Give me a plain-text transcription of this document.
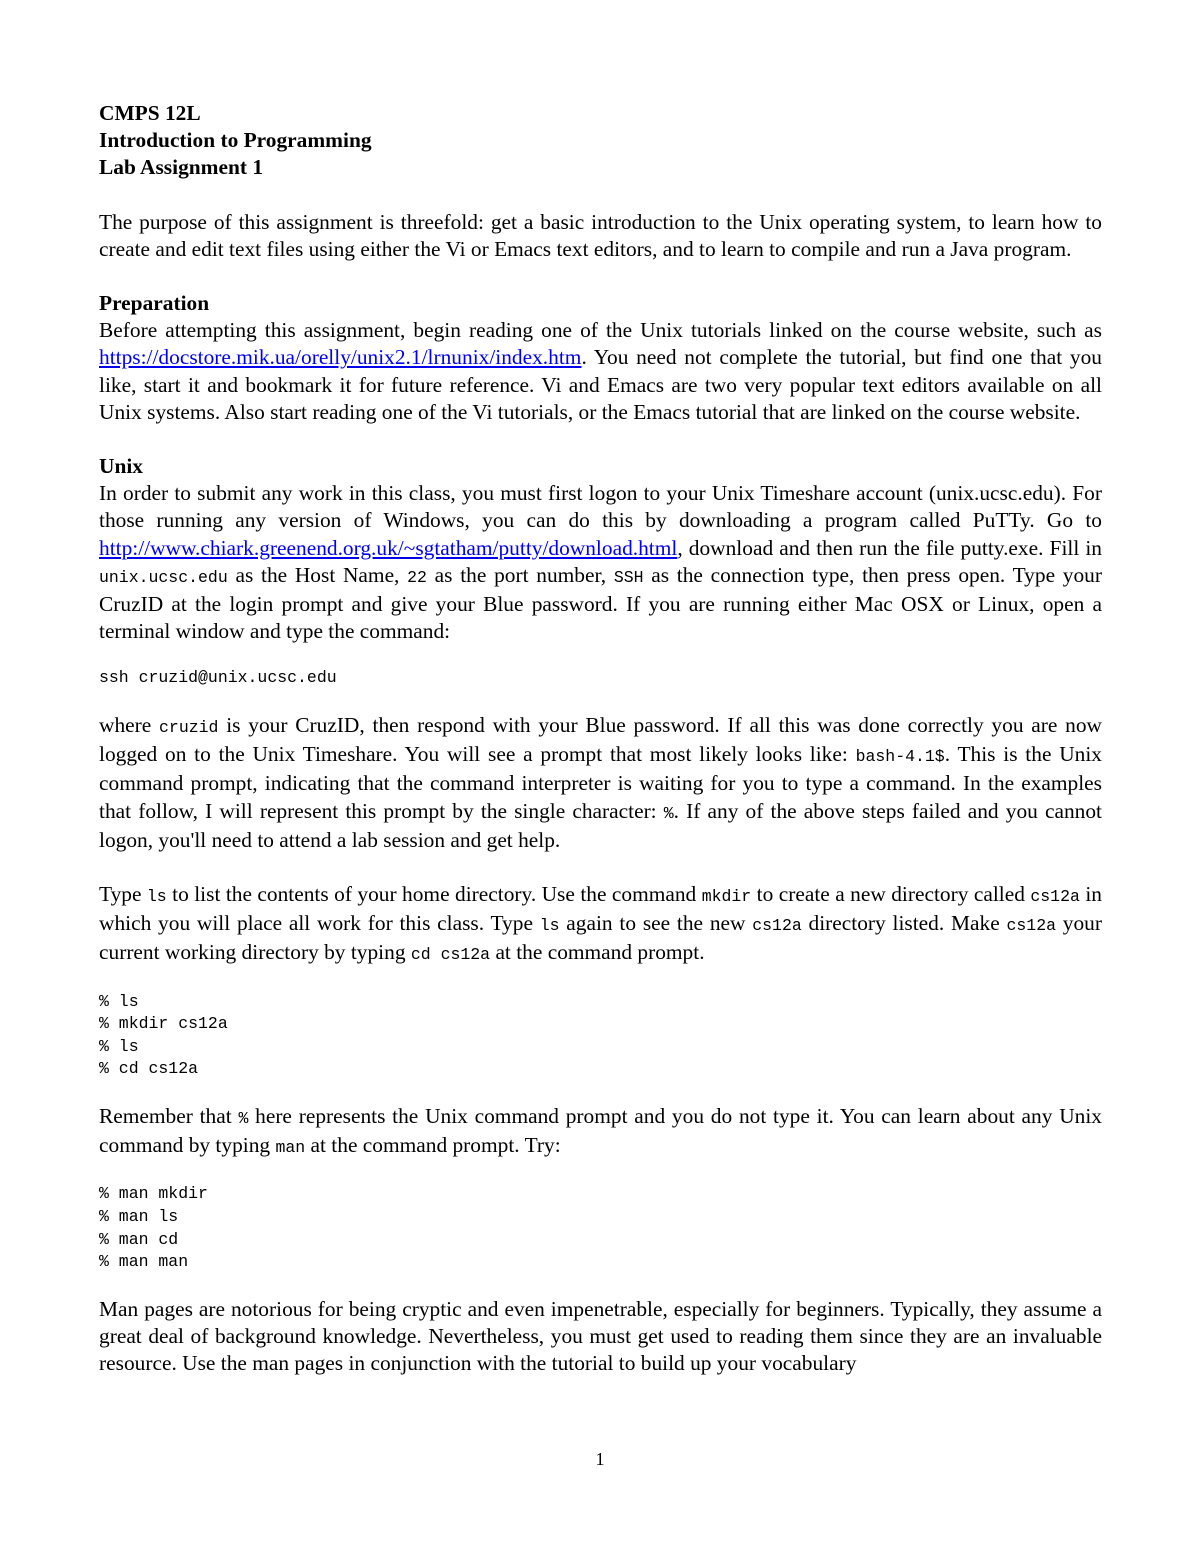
CMPS 12L
Introduction to Programming
Lab Assignment 1

The purpose of this assignment is threefold: get a basic introduction to the Unix operating system, to learn how to create and edit text files using either the Vi or Emacs text editors, and to learn to compile and run a Java program.

Preparation

Before attempting this assignment, begin reading one of the Unix tutorials linked on the course website, such as https://docstore.mik.ua/orelly/unix2.1/lrnunix/index.htm. You need not complete the tutorial, but find one that you like, start it and bookmark it for future reference. Vi and Emacs are two very popular text editors available on all Unix systems. Also start reading one of the Vi tutorials, or the Emacs tutorial that are linked on the course website.

Unix

In order to submit any work in this class, you must first logon to your Unix Timeshare account (unix.ucsc.edu). For those running any version of Windows, you can do this by downloading a program called PuTTy. Go to http://www.chiark.greenend.org.uk/~sgtatham/putty/download.html, download and then run the file putty.exe. Fill in unix.ucsc.edu as the Host Name, 22 as the port number, SSH as the connection type, then press open. Type your CruzID at the login prompt and give your Blue password. If you are running either Mac OSX or Linux, open a terminal window and type the command:

ssh cruzid@unix.ucsc.edu

where cruzid is your CruzID, then respond with your Blue password. If all this was done correctly you are now logged on to the Unix Timeshare. You will see a prompt that most likely looks like: bash-4.1$. This is the Unix command prompt, indicating that the command interpreter is waiting for you to type a command. In the examples that follow, I will represent this prompt by the single character: %. If any of the above steps failed and you cannot logon, you'll need to attend a lab session and get help.

Type ls to list the contents of your home directory. Use the command mkdir to create a new directory called cs12a in which you will place all work for this class. Type ls again to see the new cs12a directory listed. Make cs12a your current working directory by typing cd cs12a at the command prompt.

% ls
% mkdir cs12a
% ls
% cd cs12a

Remember that % here represents the Unix command prompt and you do not type it. You can learn about any Unix command by typing man at the command prompt. Try:

% man mkdir
% man ls
% man cd
% man man

Man pages are notorious for being cryptic and even impenetrable, especially for beginners. Typically, they assume a great deal of background knowledge. Nevertheless, you must get used to reading them since they are an invaluable resource. Use the man pages in conjunction with the tutorial to build up your vocabulary

1
